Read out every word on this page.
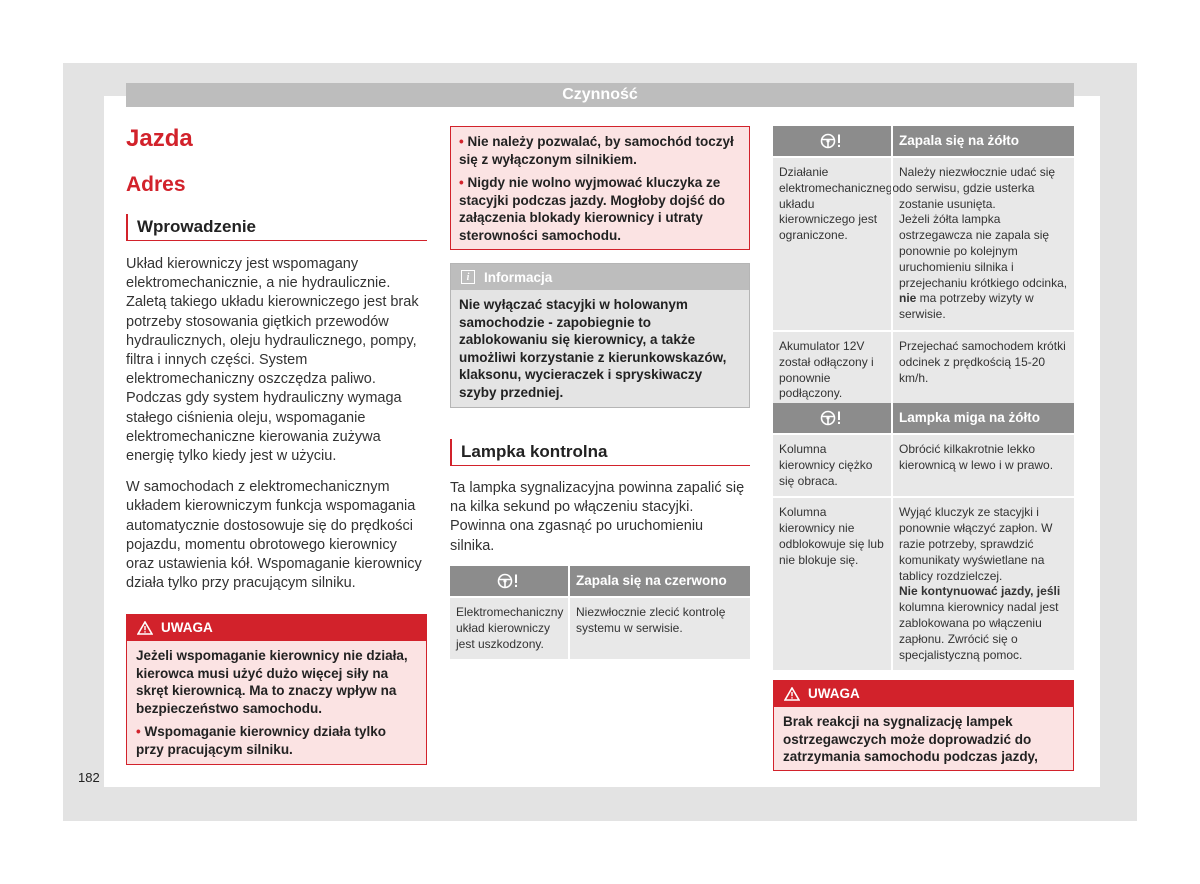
Czynność
Jazda
Adres
Wprowadzenie

Układ kierowniczy jest wspomagany elektromechanicznie, a nie hydraulicznie. Zaletą takiego układu kierowniczego jest brak potrzeby stosowania giętkich przewodów hydraulicznych, oleju hydraulicznego, pompy, filtra i innych części. System elektromechaniczny oszczędza paliwo. Podczas gdy system hydrauliczny wymaga stałego ciśnienia oleju, wspomaganie elektromechaniczne kierowania zużywa energię tylko kiedy jest w użyciu.

W samochodach z elektromechanicznym układem kierowniczym funkcja wspomagania automatycznie dostosowuje się do prędkości pojazdu, momentu obrotowego kierownicy oraz ustawienia kół. Wspomaganie kierownicy działa tylko przy pracującym silniku.

UWAGA

Jeżeli wspomaganie kierownicy nie działa, kierowca musi użyć dużo więcej siły na skręt kierownicą. Ma to znaczy wpływ na bezpieczeństwo samochodu.

• Wspomaganie kierownicy działa tylko przy pracującym silniku.

• Nie należy pozwalać, by samochód toczył się z wyłączonym silnikiem.

• Nigdy nie wolno wyjmować kluczyka ze stacyjki podczas jazdy. Mogłoby dojść do załączenia blokady kierownicy i utraty sterowności samochodu.

i	Informacja
Nie wyłączać stacyjki w holowanym samochodzie - zapobiegnie to zablokowaniu się kierownicy, a także umożliwi korzystanie z kierunkowskazów, klaksonu, wycieraczek i spryskiwaczy szyby przedniej.
Lampka kontrolna

Ta lampka sygnalizacyjna powinna zapalić się na kilka sekund po włączeniu stacyjki. Powinna ona zgasnąć po uruchomieniu silnika.

Zapala się na czerwono
Elektromechaniczny układ kierowniczy jest uszkodzony.
Niezwłocznie zlecić kontrolę systemu w serwisie.
Zapala się na żółto
Działanie elektromechanicznego układu kierowniczego jest ograniczone.
Należy niezwłocznie udać się do serwisu, gdzie usterka zostanie usunięta.
Jeżeli żółta lampka ostrzegawcza nie zapala się ponownie po kolejnym uruchomieniu silnika i przejechaniu krótkiego odcinka, nie ma potrzeby wizyty w serwisie.
Akumulator 12V został odłączony i ponownie podłączony.
Przejechać samochodem krótki odcinek z prędkością 15-20 km/h.
Lampka miga na żółto
Kolumna kierownicy ciężko się obraca.
Obrócić kilkakrotnie lekko kierownicą w lewo i w prawo.
Kolumna kierownicy nie odblokowuje się lub nie blokuje się.
Wyjąć kluczyk ze stacyjki i ponownie włączyć zapłon. W razie potrzeby, sprawdzić komunikaty wyświetlane na tablicy rozdzielczej.
Nie kontynuować jazdy, jeśli kolumna kierownicy nadal jest zablokowana po włączeniu zapłonu. Zwrócić się o specjalistyczną pomoc.
UWAGA
Brak reakcji na sygnalizację lampek ostrzegawczych może doprowadzić do zatrzymania samochodu podczas jazdy,
182
